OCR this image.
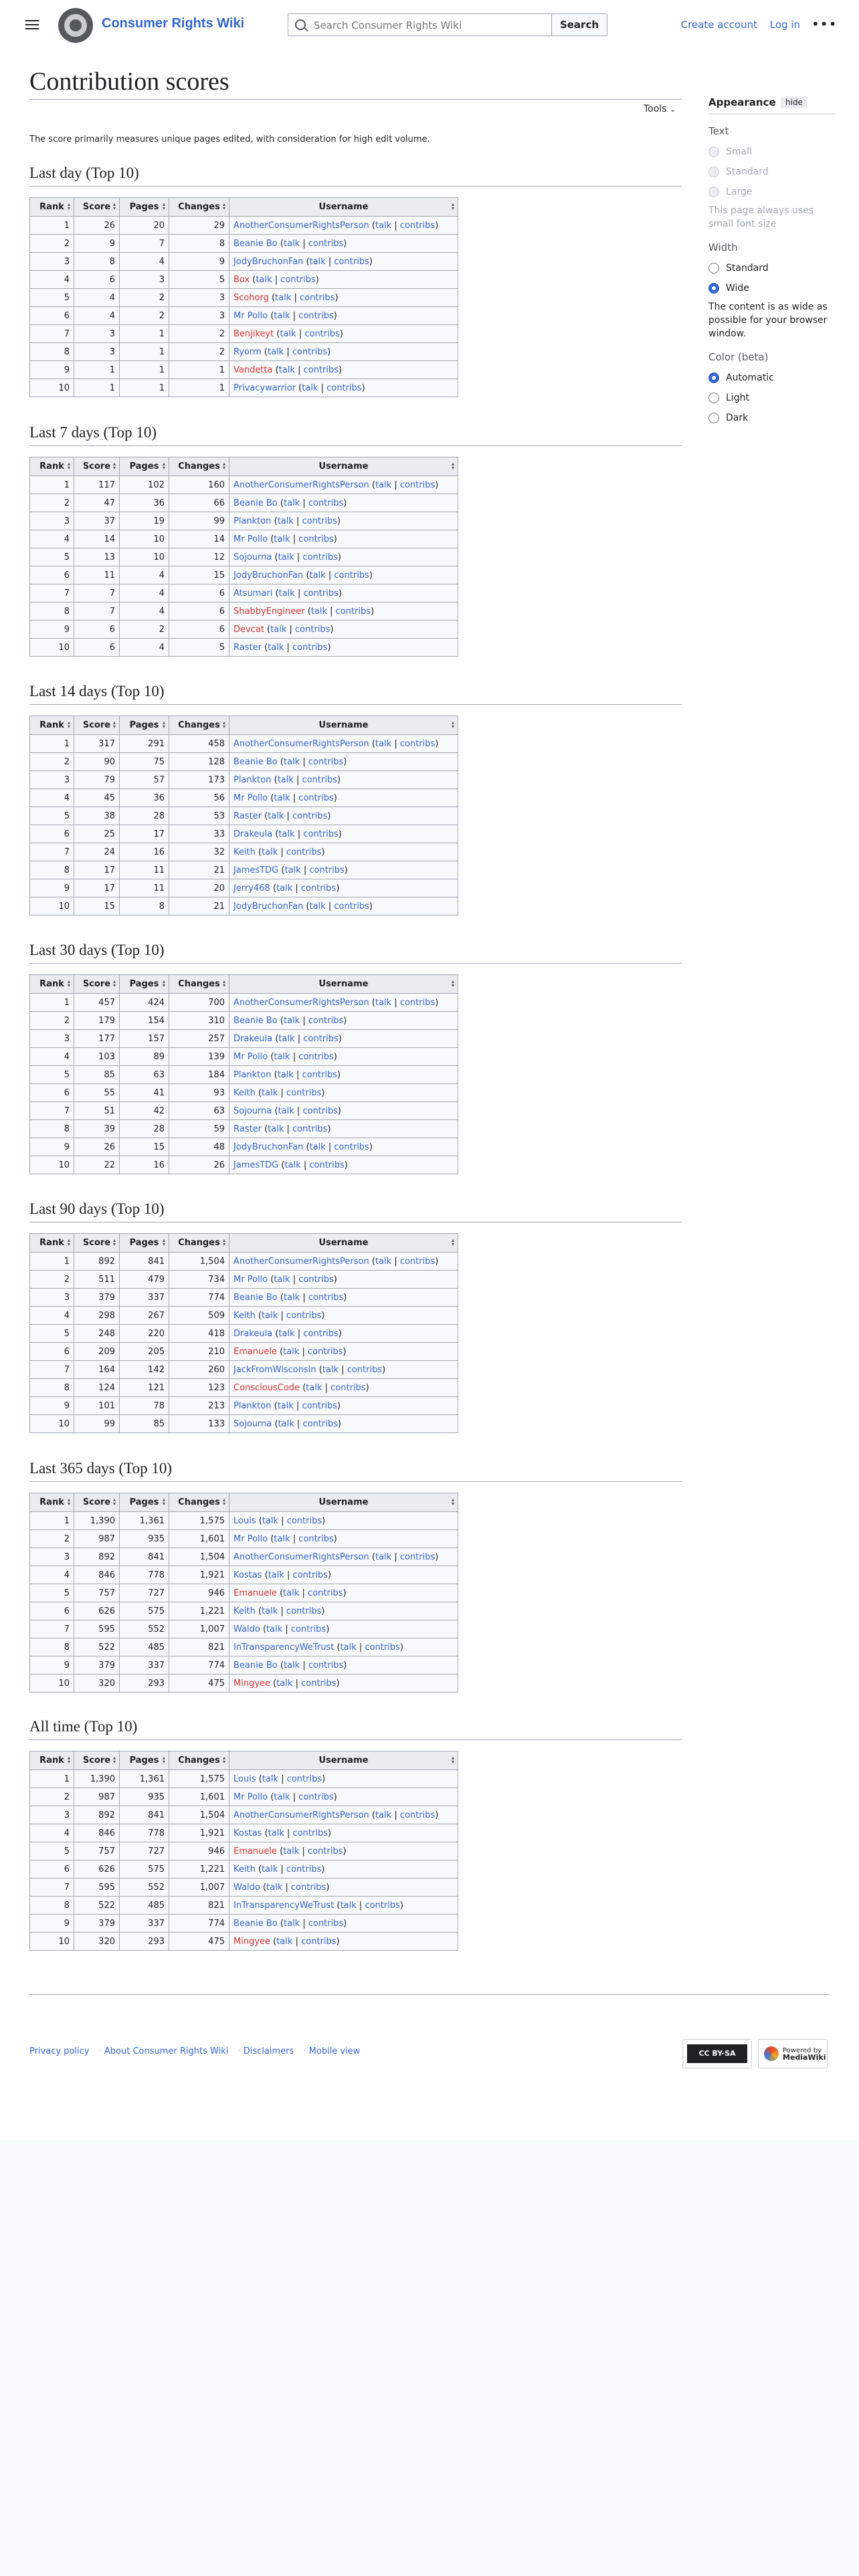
Consumer Rights Wiki
Search Consumer Rights Wiki	Search	Create account Log in •••
Contribution scores
Tools ⌄

The score primarily measures unique pages edited, with consideration for high edit volume.

Last day (Top 10)
Rank ▴▾	Score ▴▾	Pages ▴▾	Changes ▴▾	Username ▴▾
1	26	20	29	AnotherConsumerRightsPerson (talk | contribs)
2	9	7	8	Beanie Bo (talk | contribs)
3	8	4	9	JodyBruchonFan (talk | contribs)
4	6	3	5	Box (talk | contribs)
5	4	2	3	Scohorg (talk | contribs)
6	4	2	3	Mr Pollo (talk | contribs)
7	3	1	2	Benjikeyt (talk | contribs)
8	3	1	2	Ryorm (talk | contribs)
9	1	1	1	Vandetta (talk | contribs)
10	1	1	1	Privacywarrior (talk | contribs)
Last 7 days (Top 10)
Rank ▴▾	Score ▴▾	Pages ▴▾	Changes ▴▾	Username ▴▾
1	117	102	160	AnotherConsumerRightsPerson (talk | contribs)
2	47	36	66	Beanie Bo (talk | contribs)
3	37	19	99	Plankton (talk | contribs)
4	14	10	14	Mr Pollo (talk | contribs)
5	13	10	12	Sojourna (talk | contribs)
6	11	4	15	JodyBruchonFan (talk | contribs)
7	7	4	6	Atsumari (talk | contribs)
8	7	4	6	ShabbyEngineer (talk | contribs)
9	6	2	6	Devcat (talk | contribs)
10	6	4	5	Raster (talk | contribs)
Last 14 days (Top 10)
Rank ▴▾	Score ▴▾	Pages ▴▾	Changes ▴▾	Username ▴▾
1	317	291	458	AnotherConsumerRightsPerson (talk | contribs)
2	90	75	128	Beanie Bo (talk | contribs)
3	79	57	173	Plankton (talk | contribs)
4	45	36	56	Mr Pollo (talk | contribs)
5	38	28	53	Raster (talk | contribs)
6	25	17	33	Drakeula (talk | contribs)
7	24	16	32	Keith (talk | contribs)
8	17	11	21	JamesTDG (talk | contribs)
9	17	11	20	Jerry468 (talk | contribs)
10	15	8	21	JodyBruchonFan (talk | contribs)
Last 30 days (Top 10)
Rank ▴▾	Score ▴▾	Pages ▴▾	Changes ▴▾	Username ▴▾
1	457	424	700	AnotherConsumerRightsPerson (talk | contribs)
2	179	154	310	Beanie Bo (talk | contribs)
3	177	157	257	Drakeula (talk | contribs)
4	103	89	139	Mr Pollo (talk | contribs)
5	85	63	184	Plankton (talk | contribs)
6	55	41	93	Keith (talk | contribs)
7	51	42	63	Sojourna (talk | contribs)
8	39	28	59	Raster (talk | contribs)
9	26	15	48	JodyBruchonFan (talk | contribs)
10	22	16	26	JamesTDG (talk | contribs)
Last 90 days (Top 10)
Rank ▴▾	Score ▴▾	Pages ▴▾	Changes ▴▾	Username ▴▾
1	892	841	1,504	AnotherConsumerRightsPerson (talk | contribs)
2	511	479	734	Mr Pollo (talk | contribs)
3	379	337	774	Beanie Bo (talk | contribs)
4	298	267	509	Keith (talk | contribs)
5	248	220	418	Drakeula (talk | contribs)
6	209	205	210	Emanuele (talk | contribs)
7	164	142	260	JackFromWisconsin (talk | contribs)
8	124	121	123	ConsciousCode (talk | contribs)
9	101	78	213	Plankton (talk | contribs)
10	99	85	133	Sojourna (talk | contribs)
Last 365 days (Top 10)
Rank ▴▾	Score ▴▾	Pages ▴▾	Changes ▴▾	Username ▴▾
1	1,390	1,361	1,575	Louis (talk | contribs)
2	987	935	1,601	Mr Pollo (talk | contribs)
3	892	841	1,504	AnotherConsumerRightsPerson (talk | contribs)
4	846	778	1,921	Kostas (talk | contribs)
5	757	727	946	Emanuele (talk | contribs)
6	626	575	1,221	Keith (talk | contribs)
7	595	552	1,007	Waldo (talk | contribs)
8	522	485	821	InTransparencyWeTrust (talk | contribs)
9	379	337	774	Beanie Bo (talk | contribs)
10	320	293	475	Mingyee (talk | contribs)
All time (Top 10)
Rank ▴▾	Score ▴▾	Pages ▴▾	Changes ▴▾	Username ▴▾
1	1,390	1,361	1,575	Louis (talk | contribs)
2	987	935	1,601	Mr Pollo (talk | contribs)
3	892	841	1,504	AnotherConsumerRightsPerson (talk | contribs)
4	846	778	1,921	Kostas (talk | contribs)
5	757	727	946	Emanuele (talk | contribs)
6	626	575	1,221	Keith (talk | contribs)
7	595	552	1,007	Waldo (talk | contribs)
8	522	485	821	InTransparencyWeTrust (talk | contribs)
9	379	337	774	Beanie Bo (talk | contribs)
10	320	293	475	Mingyee (talk | contribs)
Appearance	hide
Text
Small
Standard
Large
This page always uses small font size
Width
Standard
Wide
The content is as wide as possible for your browser window.
Color (beta)
Automatic
Light
Dark
Privacy policy · About Consumer Rights Wiki · Disclaimers · Mobile view	CC BY-SA	Powered by
MediaWiki
